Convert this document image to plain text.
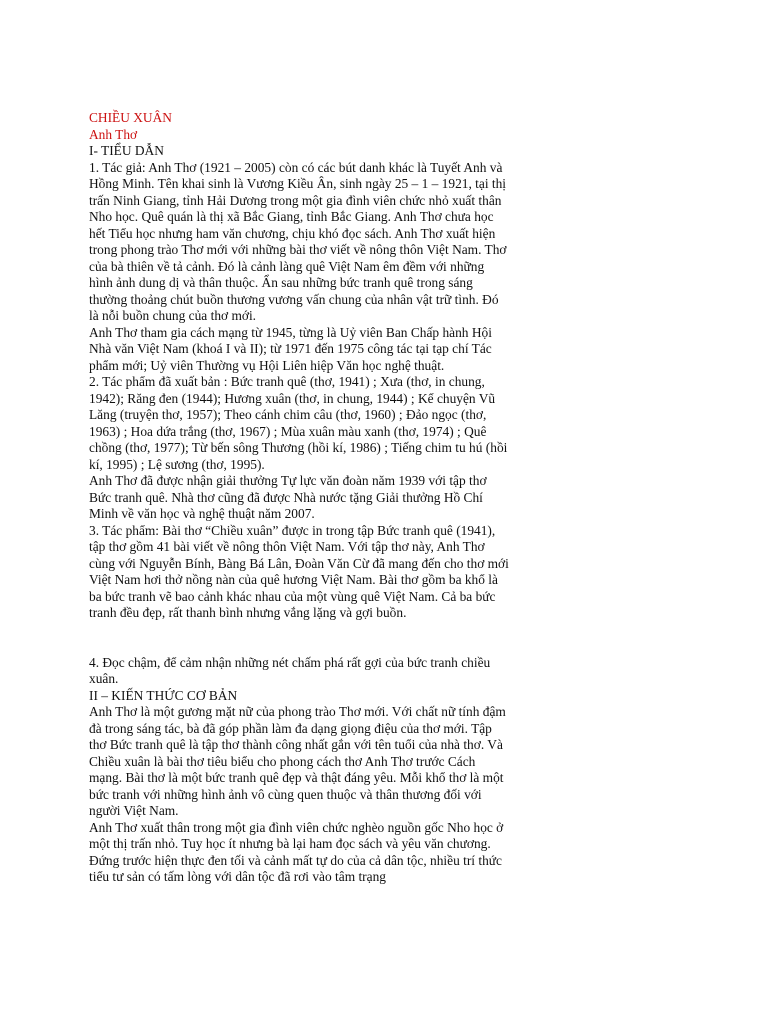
CHIỀU XUÂN

Anh Thơ

I- TIỂU DẪN

1. Tác giả: Anh Thơ (1921 – 2005) còn có các bút danh khác là Tuyết Anh và Hồng Minh. Tên khai sinh là Vương Kiều Ân, sinh ngày 25 – 1 – 1921, tại thị trấn Ninh Giang, tỉnh Hải Dương trong một gia đình viên chức nhỏ xuất thân Nho học. Quê quán là thị xã Bắc Giang, tỉnh Bắc Giang. Anh Thơ chưa học hết Tiểu học nhưng ham văn chương, chịu khó đọc sách. Anh Thơ xuất hiện trong phong trào Thơ mới với những bài thơ viết về nông thôn Việt Nam. Thơ của bà thiên về tả cảnh. Đó là cảnh làng quê Việt Nam êm đềm với những hình ảnh dung dị và thân thuộc. Ẩn sau những bức tranh quê trong sáng thường thoảng chút buồn thương vương vấn chung của nhân vật trữ tình. Đó là nỗi buồn chung của thơ mới.

Anh Thơ tham gia cách mạng từ 1945, từng là Uỷ viên Ban Chấp hành Hội Nhà văn Việt Nam (khoá I và II); từ 1971 đến 1975 công tác tại tạp chí Tác phẩm mới; Uỷ viên Thường vụ Hội Liên hiệp Văn học nghệ thuật.

2. Tác phẩm đã xuất bản : Bức tranh quê (thơ, 1941) ; Xưa (thơ, in chung, 1942); Răng đen (1944); Hương xuân (thơ, in chung, 1944) ; Kể chuyện Vũ Lăng (truyện thơ, 1957); Theo cánh chim câu (thơ, 1960) ; Đảo ngọc (thơ, 1963) ; Hoa dứa trắng (thơ, 1967) ; Mùa xuân màu xanh (thơ, 1974) ; Quê chồng (thơ, 1977); Từ bến sông Thương (hồi kí, 1986) ; Tiếng chim tu hú (hồi kí, 1995) ; Lệ sương (thơ, 1995).

Anh Thơ đã được nhận giải thưởng Tự lực văn đoàn năm 1939 với tập thơ Bức tranh quê. Nhà thơ cũng đã được Nhà nước tặng Giải thưởng Hồ Chí Minh về văn học và nghệ thuật năm 2007.

3. Tác phẩm: Bài thơ “Chiều xuân” được in trong tập Bức tranh quê (1941), tập thơ gồm 41 bài viết về nông thôn Việt Nam. Với tập thơ này, Anh Thơ cùng với Nguyễn Bính, Bàng Bá Lân, Đoàn Văn Cừ đã mang đến cho thơ mới Việt Nam hơi thở nồng nàn của quê hương Việt Nam. Bài thơ gồm ba khổ là ba bức tranh vẽ bao cảnh khác nhau của một vùng quê Việt Nam. Cả ba bức tranh đều đẹp, rất thanh bình nhưng vắng lặng và gợi buồn.

4. Đọc chậm, để cảm nhận những nét chấm phá rất gợi của bức tranh chiều xuân.

II – KIẾN THỨC CƠ BẢN

Anh Thơ là một gương mặt nữ của phong trào Thơ mới. Với chất nữ tính đậm đà trong sáng tác, bà đã góp phần làm đa dạng giọng điệu của thơ mới. Tập thơ Bức tranh quê là tập thơ thành công nhất gắn với tên tuổi của nhà thơ. Và Chiều xuân là bài thơ tiêu biểu cho phong cách thơ Anh Thơ trước Cách mạng. Bài thơ là một bức tranh quê đẹp và thật đáng yêu. Mỗi khổ thơ là một bức tranh với những hình ảnh vô cùng quen thuộc và thân thương đối với người Việt Nam.

Anh Thơ xuất thân trong một gia đình viên chức nghèo nguồn gốc Nho học ở một thị trấn nhỏ. Tuy học ít nhưng bà lại ham đọc sách và yêu văn chương. Đứng trước hiện thực đen tối và cảnh mất tự do của cả dân tộc, nhiều trí thức tiểu tư sản có tấm lòng với dân tộc đã rơi vào tâm trạng
